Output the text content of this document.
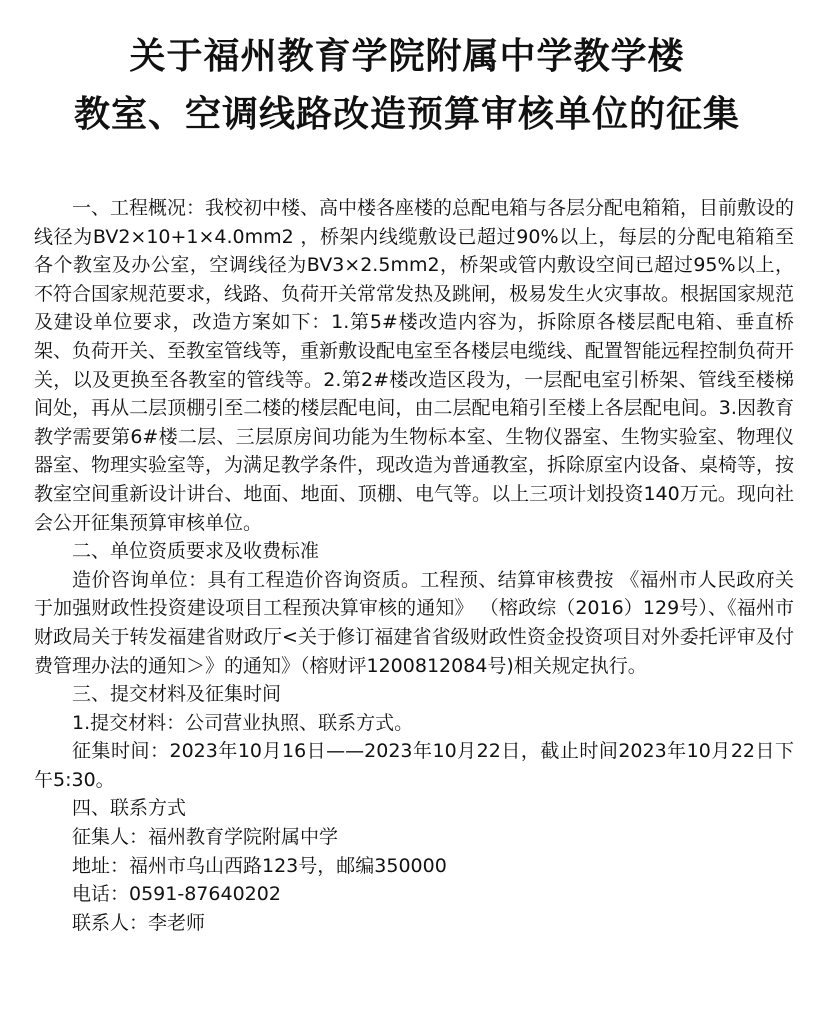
关于福州教育学院附属中学教学楼
教室、空调线路改造预算审核单位的征集

一、工程概况：我校初中楼、高中楼各座楼的总配电箱与各层分配电箱箱，目前敷设的线径为BV2×10+1×4.0mm2 ，桥架内线缆敷设已超过90%以上，每层的分配电箱箱至各个教室及办公室，空调线径为BV3×2.5mm2，桥架或管内敷设空间已超过95%以上，不符合国家规范要求，线路、负荷开关常常发热及跳闸，极易发生火灾事故。根据国家规范及建设单位要求，改造方案如下：1.第5#楼改造内容为，拆除原各楼层配电箱、垂直桥架、负荷开关、至教室管线等，重新敷设配电室至各楼层电缆线、配置智能远程控制负荷开关，以及更换至各教室的管线等。2.第2#楼改造区段为，一层配电室引桥架、管线至楼梯间处，再从二层顶棚引至二楼的楼层配电间，由二层配电箱引至楼上各层配电间。3.因教育教学需要第6#楼二层、三层原房间功能为生物标本室、生物仪器室、生物实验室、物理仪器室、物理实验室等，为满足教学条件，现改造为普通教室，拆除原室内设备、桌椅等，按教室空间重新设计讲台、地面、地面、顶棚、电气等。以上三项计划投资140万元。现向社会公开征集预算审核单位。

二、单位资质要求及收费标准

造价咨询单位：具有工程造价咨询资质。工程预、结算审核费按 《福州市人民政府关于加强财政性投资建设项目工程预决算审核的通知》 （榕政综（2016）129号）、《福州市财政局关于转发福建省财政厅<关于修订福建省省级财政性资金投资项目对外委托评审及付费管理办法的通知＞》的通知》（榕财评1200812084号)相关规定执行。

三、提交材料及征集时间

1.提交材料：公司营业执照、联系方式。

征集时间：2023年10月16日——2023年10月22日，截止时间2023年10月22日下午5:30。

四、联系方式

征集人：福州教育学院附属中学

地址：福州市乌山西路123号，邮编350000

电话：0591-87640202

联系人：李老师
